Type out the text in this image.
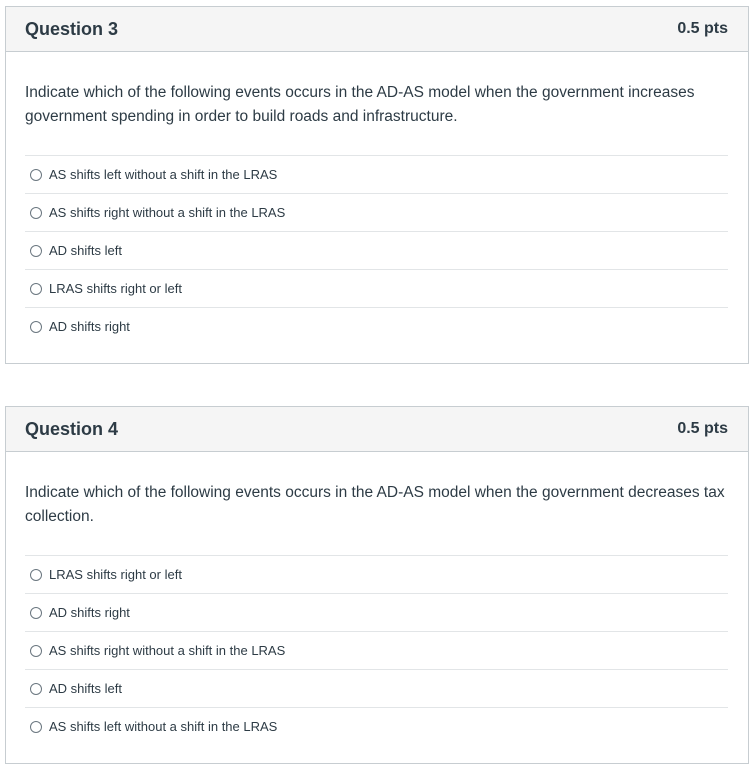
Question 3	0.5 pts

Indicate which of the following events occurs in the AD-AS model when the government increases government spending in order to build roads and infrastructure.

AS shifts left without a shift in the LRAS
AS shifts right without a shift in the LRAS
AD shifts left
LRAS shifts right or left
AD shifts right
Question 4	0.5 pts

Indicate which of the following events occurs in the AD-AS model when the government decreases tax collection.

LRAS shifts right or left
AD shifts right
AS shifts right without a shift in the LRAS
AD shifts left
AS shifts left without a shift in the LRAS
